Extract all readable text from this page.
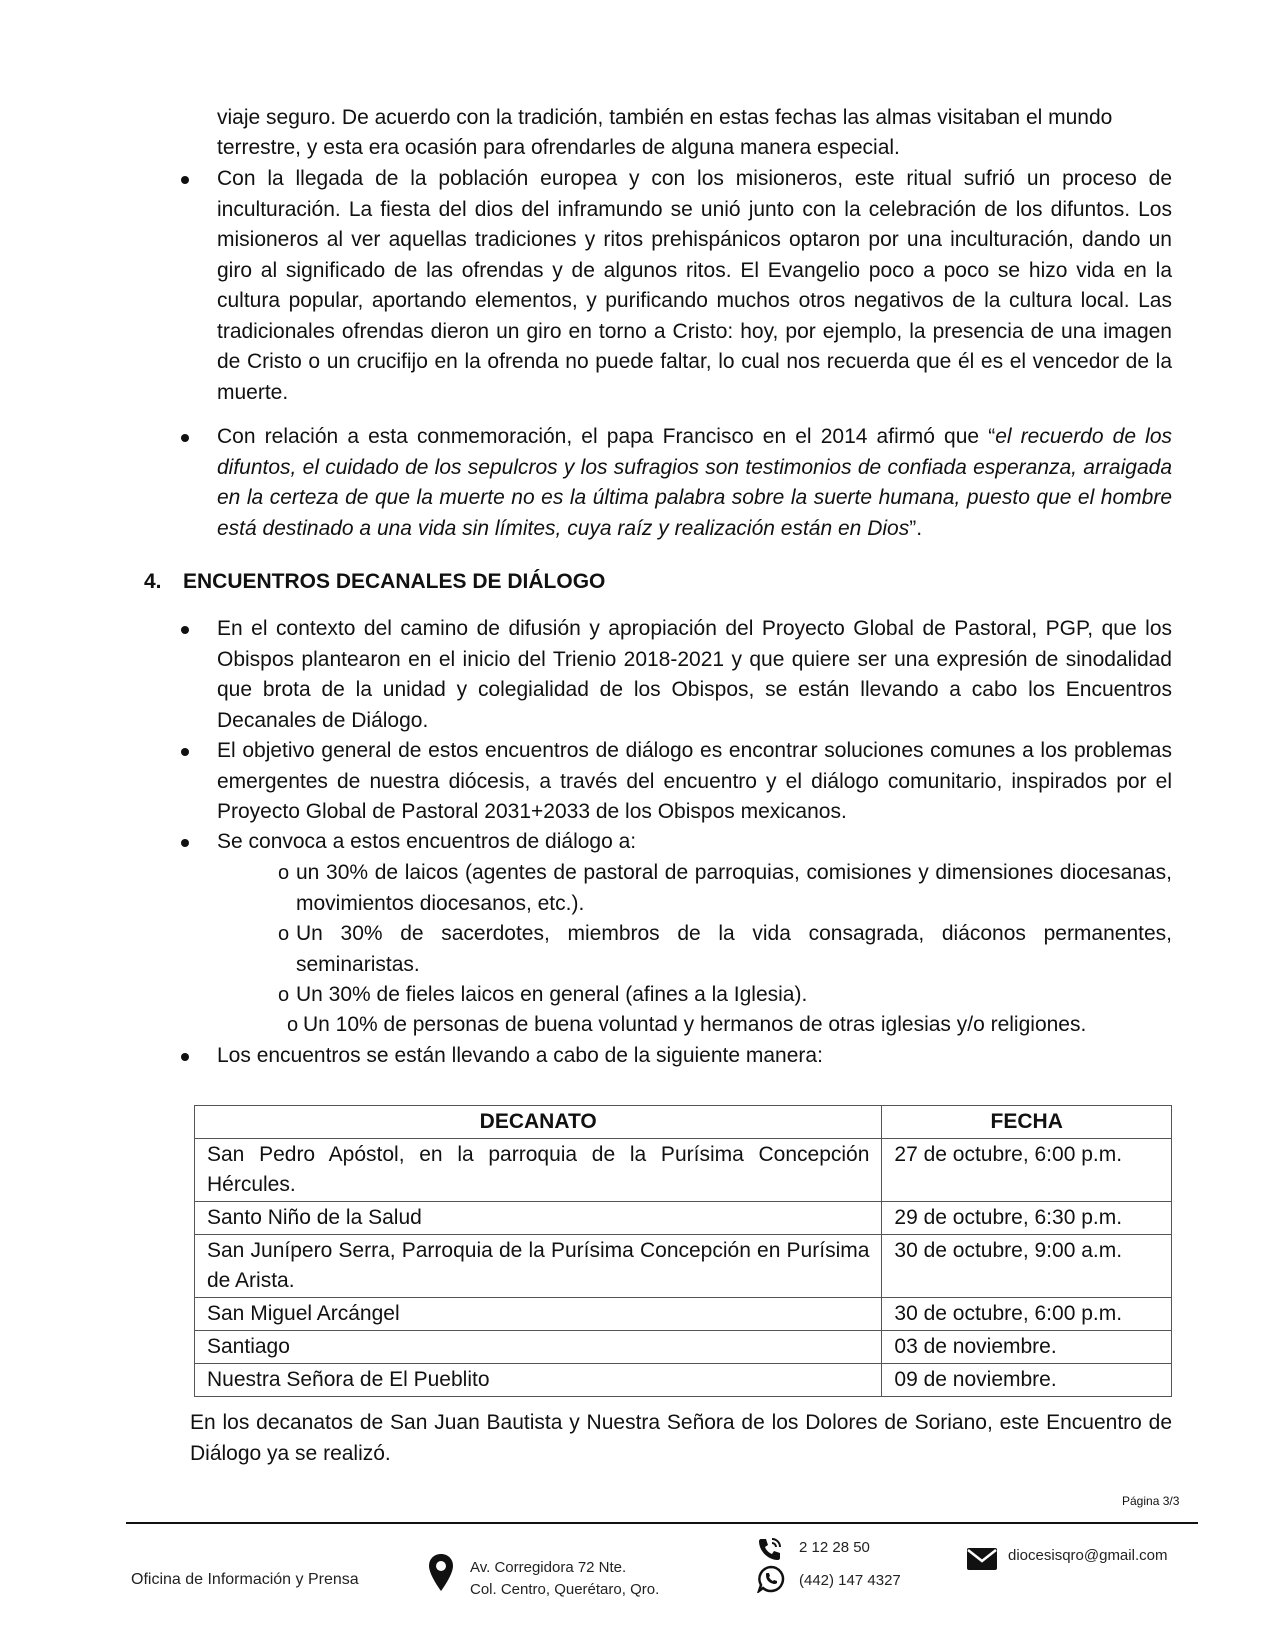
viaje seguro. De acuerdo con la tradición, también en estas fechas las almas visitaban el mundo

terrestre, y esta era ocasión para ofrendarles de alguna manera especial.

Con la llegada de la población europea y con los misioneros, este ritual sufrió un proceso de inculturación. La fiesta del dios del inframundo se unió junto con la celebración de los difuntos. Los misioneros al ver aquellas tradiciones y ritos prehispánicos optaron por una inculturación, dando un giro al significado de las ofrendas y de algunos ritos. El Evangelio poco a poco se hizo vida en la cultura popular, aportando elementos, y purificando muchos otros negativos de la cultura local. Las tradicionales ofrendas dieron un giro en torno a Cristo: hoy, por ejemplo, la presencia de una imagen de Cristo o un crucifijo en la ofrenda no puede faltar, lo cual nos recuerda que él es el vencedor de la muerte.

Con relación a esta conmemoración, el papa Francisco en el 2014 afirmó que “el recuerdo de los difuntos, el cuidado de los sepulcros y los sufragios son testimonios de confiada esperanza, arraigada en la certeza de que la muerte no es la última palabra sobre la suerte humana, puesto que el hombre está destinado a una vida sin límites, cuya raíz y realización están en Dios”.

4. ENCUENTROS DECANALES DE DIÁLOGO

En el contexto del camino de difusión y apropiación del Proyecto Global de Pastoral, PGP, que los Obispos plantearon en el inicio del Trienio 2018-2021 y que quiere ser una expresión de sinodalidad que brota de la unidad y colegialidad de los Obispos, se están llevando a cabo los Encuentros Decanales de Diálogo.

El objetivo general de estos encuentros de diálogo es encontrar soluciones comunes a los problemas emergentes de nuestra diócesis, a través del encuentro y el diálogo comunitario, inspirados por el Proyecto Global de Pastoral 2031+2033 de los Obispos mexicanos.

Se convoca a estos encuentros de diálogo a:

o un 30% de laicos (agentes de pastoral de parroquias, comisiones y dimensiones diocesanas, movimientos diocesanos, etc.).

o Un 30% de sacerdotes, miembros de la vida consagrada, diáconos permanentes, seminaristas.

o Un 30% de fieles laicos en general (afines a la Iglesia).

o Un 10% de personas de buena voluntad y hermanos de otras iglesias y/o religiones.

Los encuentros se están llevando a cabo de la siguiente manera:

DECANATO	FECHA
San Pedro Apóstol, en la parroquia de la Purísima Concepción Hércules.	27 de octubre, 6:00 p.m.
Santo Niño de la Salud	29 de octubre, 6:30 p.m.
San Junípero Serra, Parroquia de la Purísima Concepción en Purísima de Arista.	30 de octubre, 9:00 a.m.
San Miguel Arcángel	30 de octubre, 6:00 p.m.
Santiago	03 de noviembre.
Nuestra Señora de El Pueblito	09 de noviembre.

En los decanatos de San Juan Bautista y Nuestra Señora de los Dolores de Soriano, este Encuentro de Diálogo ya se realizó.

Página 3/3
Oficina de Información y Prensa
Av. Corregidora 72 Nte.
Col. Centro, Querétaro, Qro.
2 12 28 50
(442) 147 4327
diocesisqro@gmail.com
